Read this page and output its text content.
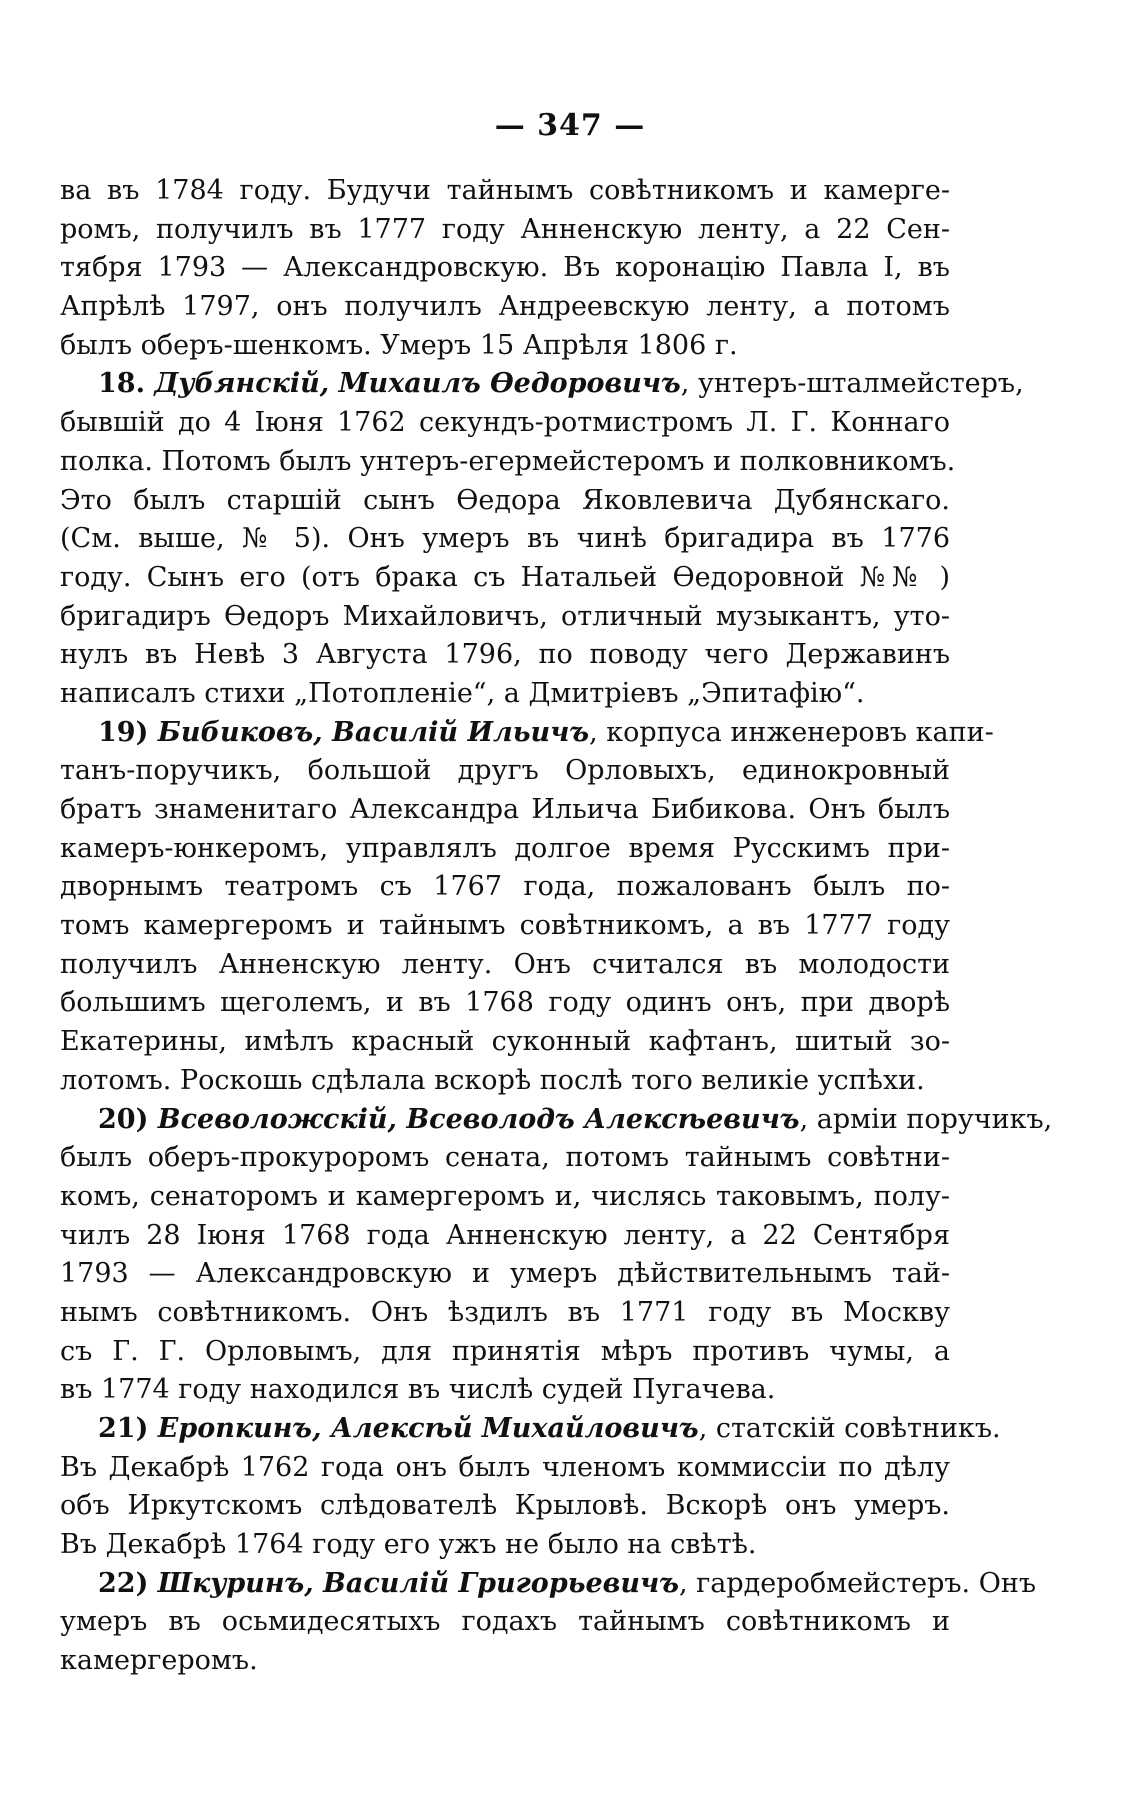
— 347 —
ва въ 1784 году. Будучи тайнымъ совѣтникомъ и камерге-
ромъ, получилъ въ 1777 году Анненскую ленту, а 22 Сен-
тября 1793 — Александровскую. Въ коронацію Павла I, въ
Апрѣлѣ 1797, онъ получилъ Андреевскую ленту, а потомъ
былъ оберъ-шенкомъ. Умеръ 15 Апрѣля 1806 г.
18. Дубянскій, Михаилъ Ѳедоровичъ, унтеръ-шталмейстеръ,
бывшій до 4 Іюня 1762 секундъ-ротмистромъ Л. Г. Коннаго
полка. Потомъ былъ унтеръ-егермейстеромъ и полковникомъ.
Это былъ старшій сынъ Ѳедора Яковлевича Дубянскаго.
(См. выше, № 5). Онъ умеръ въ чинѣ бригадира въ 1776
году. Сынъ его (отъ брака съ Натальей Ѳедоровной №№ )
бригадиръ Ѳедоръ Михайловичъ, отличный музыкантъ, уто-
нулъ въ Невѣ 3 Августа 1796, по поводу чего Державинъ
написалъ стихи „Потопленіе“, а Дмитріевъ „Эпитафію“.
19) Бибиковъ, Василій Ильичъ, корпуса инженеровъ капи-
танъ-поручикъ, большой другъ Орловыхъ, единокровный
братъ знаменитаго Александра Ильича Бибикова. Онъ былъ
камеръ-юнкеромъ, управлялъ долгое время Русскимъ при-
дворнымъ театромъ съ 1767 года, пожалованъ былъ по-
томъ камергеромъ и тайнымъ совѣтникомъ, а въ 1777 году
получилъ Анненскую ленту. Онъ считался въ молодости
большимъ щеголемъ, и въ 1768 году одинъ онъ, при дворѣ
Екатерины, имѣлъ красный суконный кафтанъ, шитый зо-
лотомъ. Роскошь сдѣлала вскорѣ послѣ того великіе успѣхи.
20) Всеволожскій, Всеволодъ Алексѣевичъ, арміи поручикъ,
былъ оберъ-прокуроромъ сената, потомъ тайнымъ совѣтни-
комъ, сенаторомъ и камергеромъ и, числясь таковымъ, полу-
чилъ 28 Іюня 1768 года Анненскую ленту, а 22 Сентября
1793 — Александровскую и умеръ дѣйствительнымъ тай-
нымъ совѣтникомъ. Онъ ѣздилъ въ 1771 году въ Москву
съ Г. Г. Орловымъ, для принятія мѣръ противъ чумы, а
въ 1774 году находился въ числѣ судей Пугачева.
21) Еропкинъ, Алексѣй Михайловичъ, статскій совѣтникъ.
Въ Декабрѣ 1762 года онъ былъ членомъ коммиссіи по дѣлу
объ Иркутскомъ слѣдователѣ Крыловѣ. Вскорѣ онъ умеръ.
Въ Декабрѣ 1764 году его ужъ не было на свѣтѣ.
22) Шкуринъ, Василій Григорьевичъ, гардеробмейстеръ. Онъ
умеръ въ осьмидесятыхъ годахъ тайнымъ совѣтникомъ и
камергеромъ.
